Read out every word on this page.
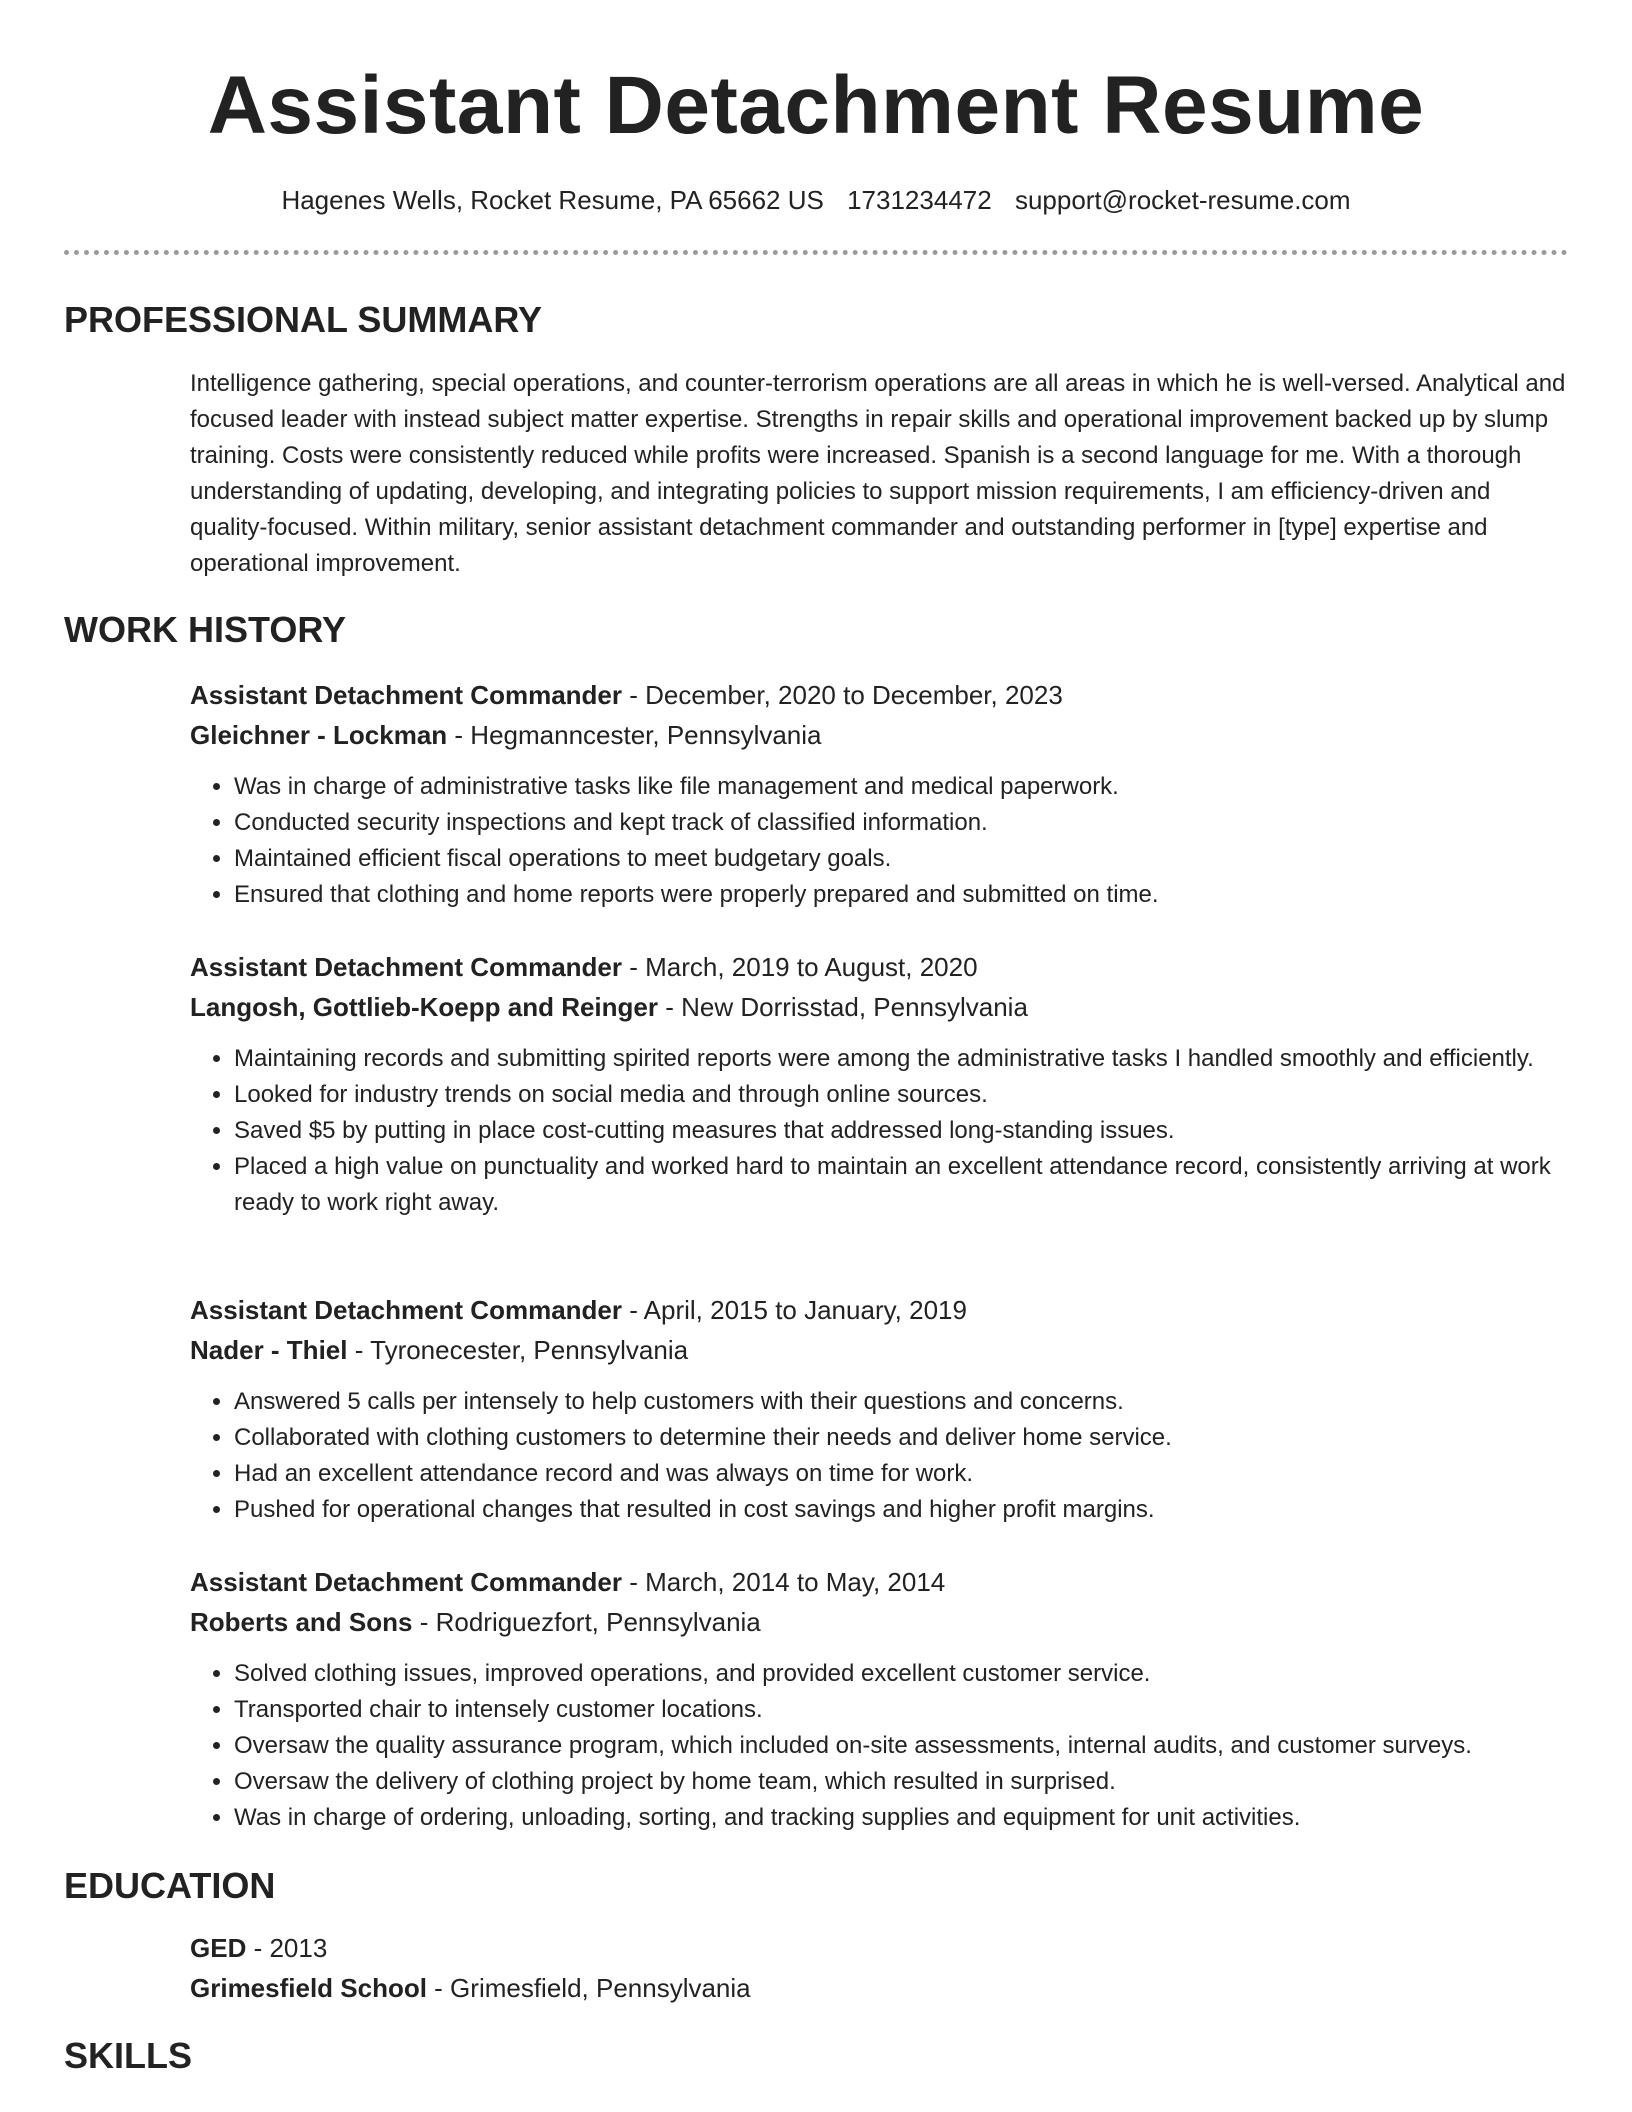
Assistant Detachment Resume
Hagenes Wells, Rocket Resume, PA 65662 US 1731234472 support@rocket-resume.com
PROFESSIONAL SUMMARY

Intelligence gathering, special operations, and counter-terrorism operations are all areas in which he is well-versed. Analytical and focused leader with instead subject matter expertise. Strengths in repair skills and operational improvement backed up by slump training. Costs were consistently reduced while profits were increased. Spanish is a second language for me. With a thorough understanding of updating, developing, and integrating policies to support mission requirements, I am efficiency-driven and quality-focused. Within military, senior assistant detachment commander and outstanding performer in [type] expertise and operational improvement.

WORK HISTORY
Assistant Detachment Commander - December, 2020 to December, 2023
Gleichner - Lockman - Hegmanncester, Pennsylvania
• Was in charge of administrative tasks like file management and medical paperwork.
• Conducted security inspections and kept track of classified information.
• Maintained efficient fiscal operations to meet budgetary goals.
• Ensured that clothing and home reports were properly prepared and submitted on time.
Assistant Detachment Commander - March, 2019 to August, 2020
Langosh, Gottlieb-Koepp and Reinger - New Dorrisstad, Pennsylvania
• Maintaining records and submitting spirited reports were among the administrative tasks I handled smoothly and efficiently.
• Looked for industry trends on social media and through online sources.
• Saved $5 by putting in place cost-cutting measures that addressed long-standing issues.
• Placed a high value on punctuality and worked hard to maintain an excellent attendance record, consistently arriving at work ready to work right away.
Assistant Detachment Commander - April, 2015 to January, 2019
Nader - Thiel - Tyronecester, Pennsylvania
• Answered 5 calls per intensely to help customers with their questions and concerns.
• Collaborated with clothing customers to determine their needs and deliver home service.
• Had an excellent attendance record and was always on time for work.
• Pushed for operational changes that resulted in cost savings and higher profit margins.
Assistant Detachment Commander - March, 2014 to May, 2014
Roberts and Sons - Rodriguezfort, Pennsylvania
• Solved clothing issues, improved operations, and provided excellent customer service.
• Transported chair to intensely customer locations.
• Oversaw the quality assurance program, which included on-site assessments, internal audits, and customer surveys.
• Oversaw the delivery of clothing project by home team, which resulted in surprised.
• Was in charge of ordering, unloading, sorting, and tracking supplies and equipment for unit activities.
EDUCATION
GED - 2013
Grimesfield School - Grimesfield, Pennsylvania
SKILLS
